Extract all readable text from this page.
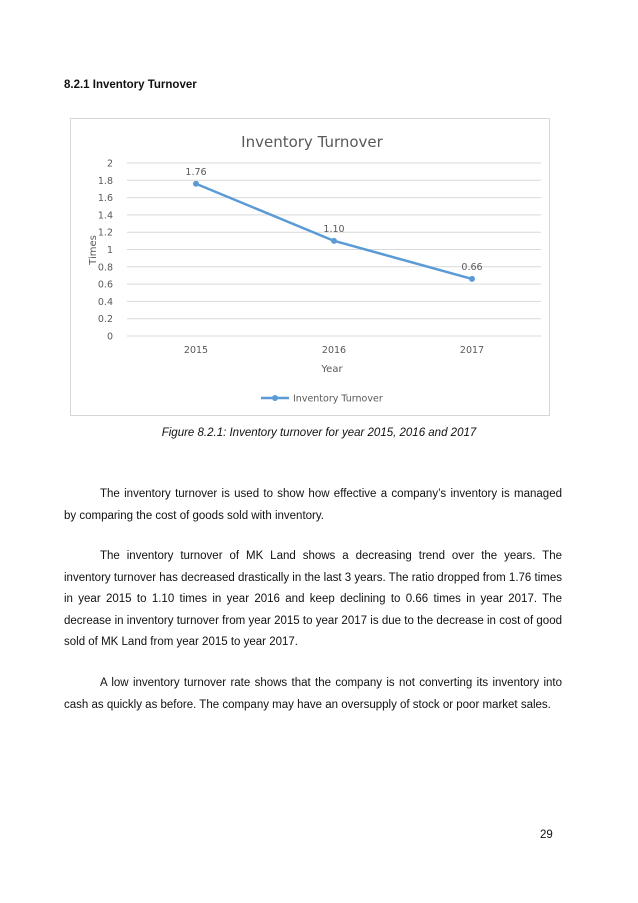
8.2.1 Inventory Turnover
Inventory Turnover
0
0.2
0.4
0.6
0.8
1
1.2
1.4
1.6
1.8
2
2015	2016	2017
1.76
1.10
0.66
Times
Year
Inventory Turnover
Figure 8.2.1: Inventory turnover for year 2015, 2016 and 2017

The inventory turnover is used to show how effective a company’s inventory is managed by comparing the cost of goods sold with inventory.

The inventory turnover of MK Land shows a decreasing trend over the years. The inventory turnover has decreased drastically in the last 3 years. The ratio dropped from 1.76 times in year 2015 to 1.10 times in year 2016 and keep declining to 0.66 times in year 2017. The decrease in inventory turnover from year 2015 to year 2017 is due to the decrease in cost of good sold of MK Land from year 2015 to year 2017.

A low inventory turnover rate shows that the company is not converting its inventory into cash as quickly as before. The company may have an oversupply of stock or poor market sales.

29
